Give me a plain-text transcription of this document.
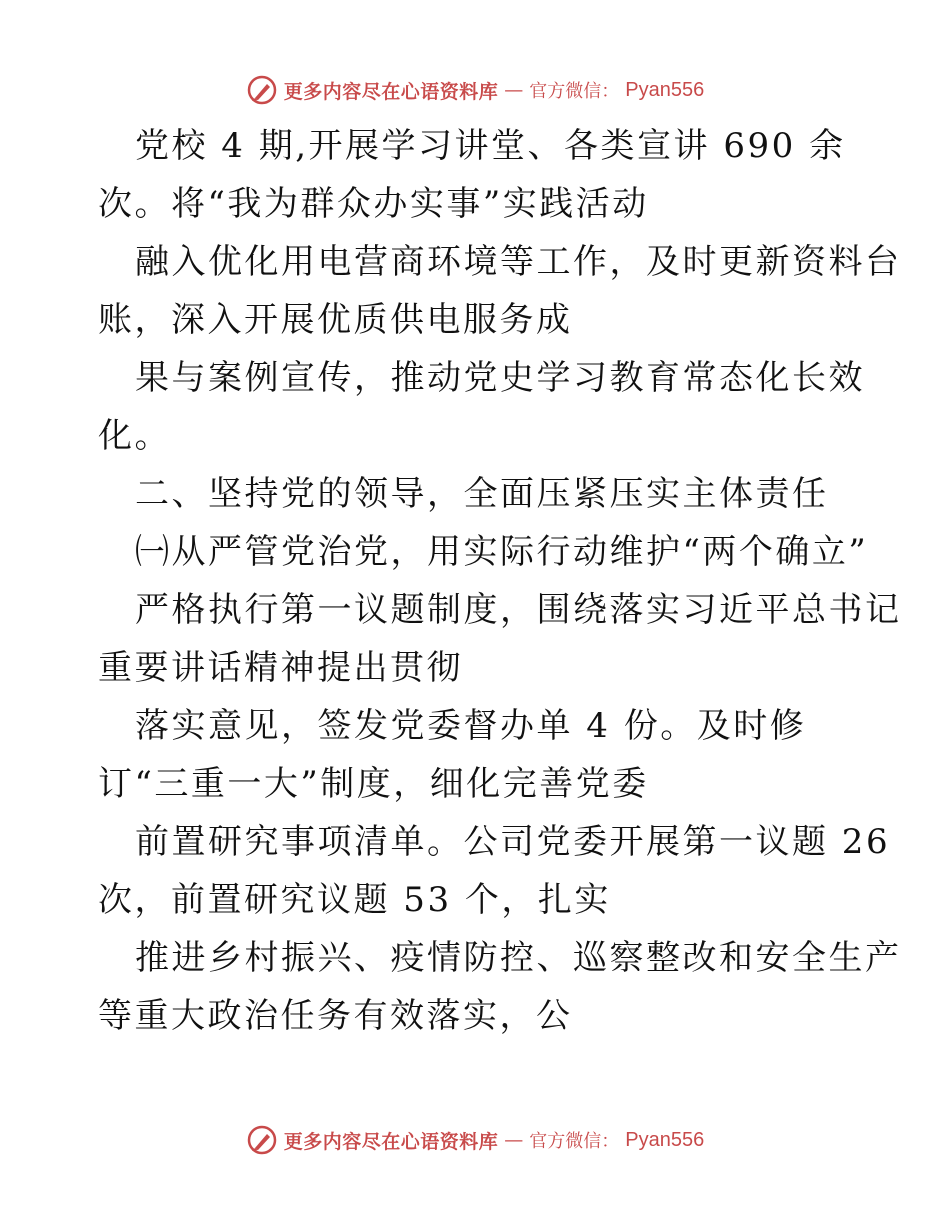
更多内容尽在心语资料库 — 官方微信： Pyan556
党校 4 期,开展学习讲堂、各类宣讲 690 余
次。将“我为群众办实事”实践活动
融入优化用电营商环境等工作，及时更新资料台
账，深入开展优质供电服务成
果与案例宣传，推动党史学习教育常态化长效
化。
二、坚持党的领导，全面压紧压实主体责任
㈠从严管党治党，用实际行动维护“两个确立”
严格执行第一议题制度，围绕落实习近平总书记
重要讲话精神提出贯彻
落实意见，签发党委督办单 4 份。及时修
订“三重一大”制度，细化完善党委
前置研究事项清单。公司党委开展第一议题 26
次，前置研究议题 53 个，扎实
推进乡村振兴、疫情防控、巡察整改和安全生产
等重大政治任务有效落实，公
更多内容尽在心语资料库 — 官方微信： Pyan556
